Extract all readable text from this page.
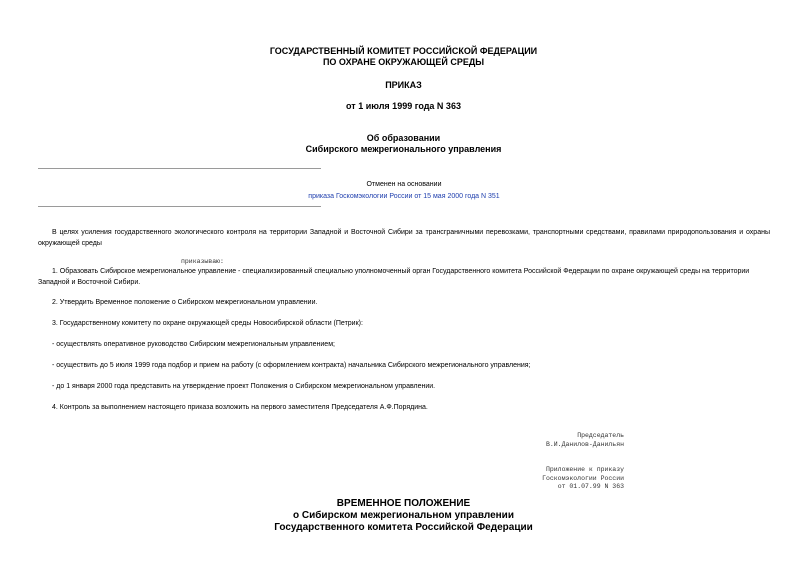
ГОСУДАРСТВЕННЫЙ КОМИТЕТ РОССИЙСКОЙ ФЕДЕРАЦИИ
ПО ОХРАНЕ ОКРУЖАЮЩЕЙ СРЕДЫ
ПРИКАЗ
от 1 июля 1999 года N 363
Об образовании
Сибирского межрегионального управления
Отменен на основании
приказа Госкомэкологии России от 15 мая 2000 года N 351
В целях усиления государственного экологического контроля на территории Западной и Восточной Сибири за трансграничными перевозками, транспортными средствами, правилами природопользования и охраны окружающей среды
приказываю:
1. Образовать Сибирское межрегиональное управление - специализированный специально уполномоченный орган Государственного комитета Российской Федерации по охране окружающей среды на территории Западной и Восточной Сибири.
2. Утвердить Временное положение о Сибирском межрегиональном управлении.
3. Государственному комитету по охране окружающей среды Новосибирской области (Петрик):
- осуществлять оперативное руководство Сибирским межрегиональным управлением;
- осуществить до 5 июля 1999 года подбор и прием на работу (с оформлением контракта) начальника Сибирского межрегионального управления;
- до 1 января 2000 года представить на утверждение проект Положения о Сибирском межрегиональном управлении.
4. Контроль за выполнением настоящего приказа возложить на первого заместителя Председателя А.Ф.Порядина.
Председатель
В.И.Данилов-Данильян
Приложение к приказу
Госкомэкологии России
от 01.07.99 N 363
ВРЕМЕННОЕ ПОЛОЖЕНИЕ
о Сибирском межрегиональном управлении
Государственного комитета Российской Федерации
